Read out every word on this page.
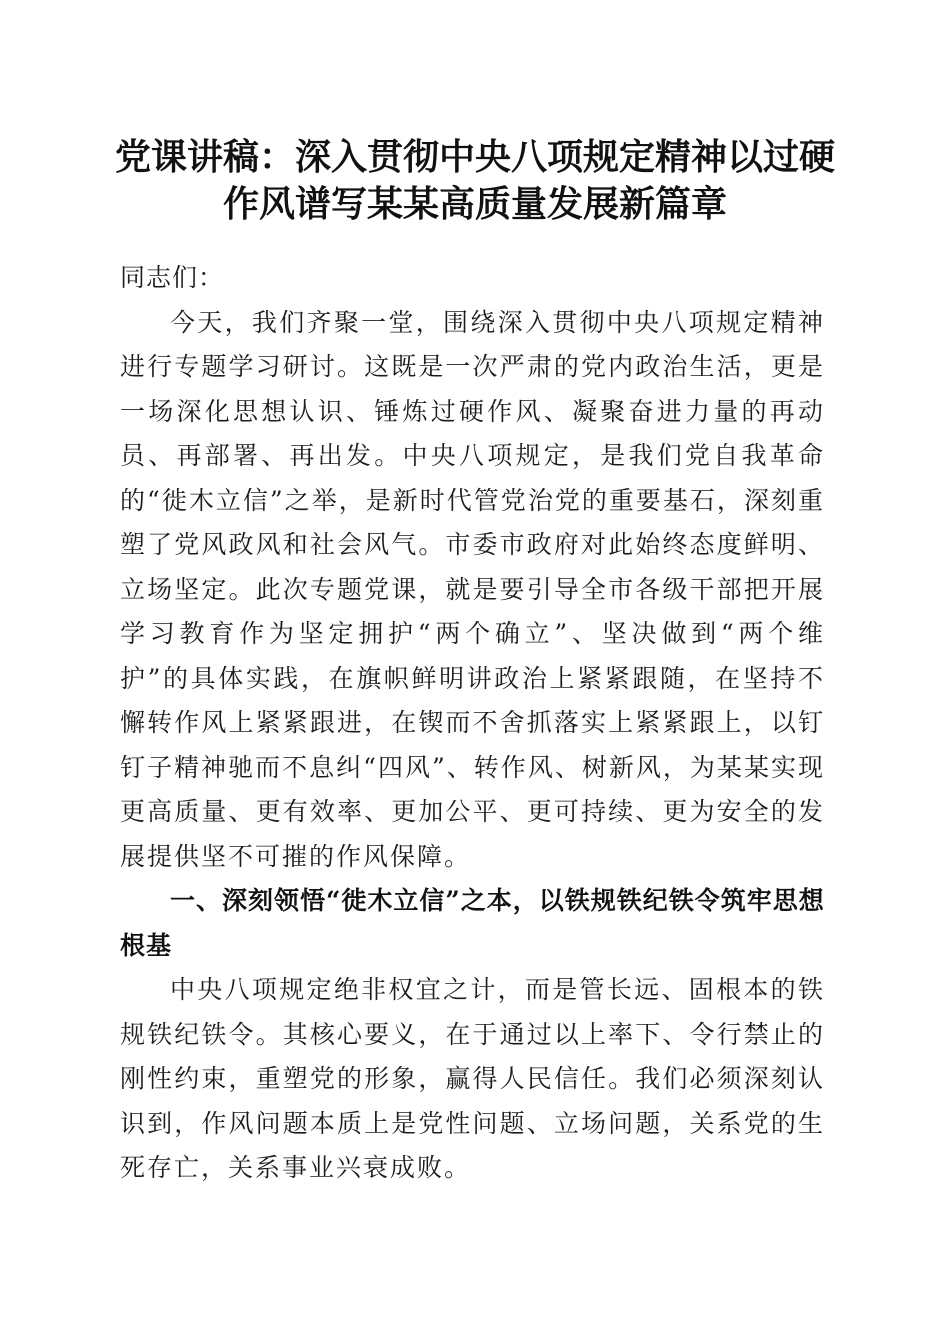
党课讲稿：深入贯彻中央八项规定精神以过硬
作风谱写某某高质量发展新篇章

同志们：

今天，我们齐聚一堂，围绕深入贯彻中央八项规定精神进行专题学习研讨。这既是一次严肃的党内政治生活，更是一场深化思想认识、锤炼过硬作风、凝聚奋进力量的再动员、再部署、再出发。中央八项规定，是我们党自我革命的“徙木立信”之举，是新时代管党治党的重要基石，深刻重塑了党风政风和社会风气。市委市政府对此始终态度鲜明、立场坚定。此次专题党课，就是要引导全市各级干部把开展学习教育作为坚定拥护“两个确立”、坚决做到“两个维护”的具体实践，在旗帜鲜明讲政治上紧紧跟随，在坚持不懈转作风上紧紧跟进，在锲而不舍抓落实上紧紧跟上，以钉钉子精神驰而不息纠“四风”、转作风、树新风，为某某实现更高质量、更有效率、更加公平、更可持续、更为安全的发展提供坚不可摧的作风保障。

一、深刻领悟“徙木立信”之本，以铁规铁纪铁令筑牢思想根基

中央八项规定绝非权宜之计，而是管长远、固根本的铁规铁纪铁令。其核心要义，在于通过以上率下、令行禁止的刚性约束，重塑党的形象，赢得人民信任。我们必须深刻认识到，作风问题本质上是党性问题、立场问题，关系党的生死存亡，关系事业兴衰成败。
